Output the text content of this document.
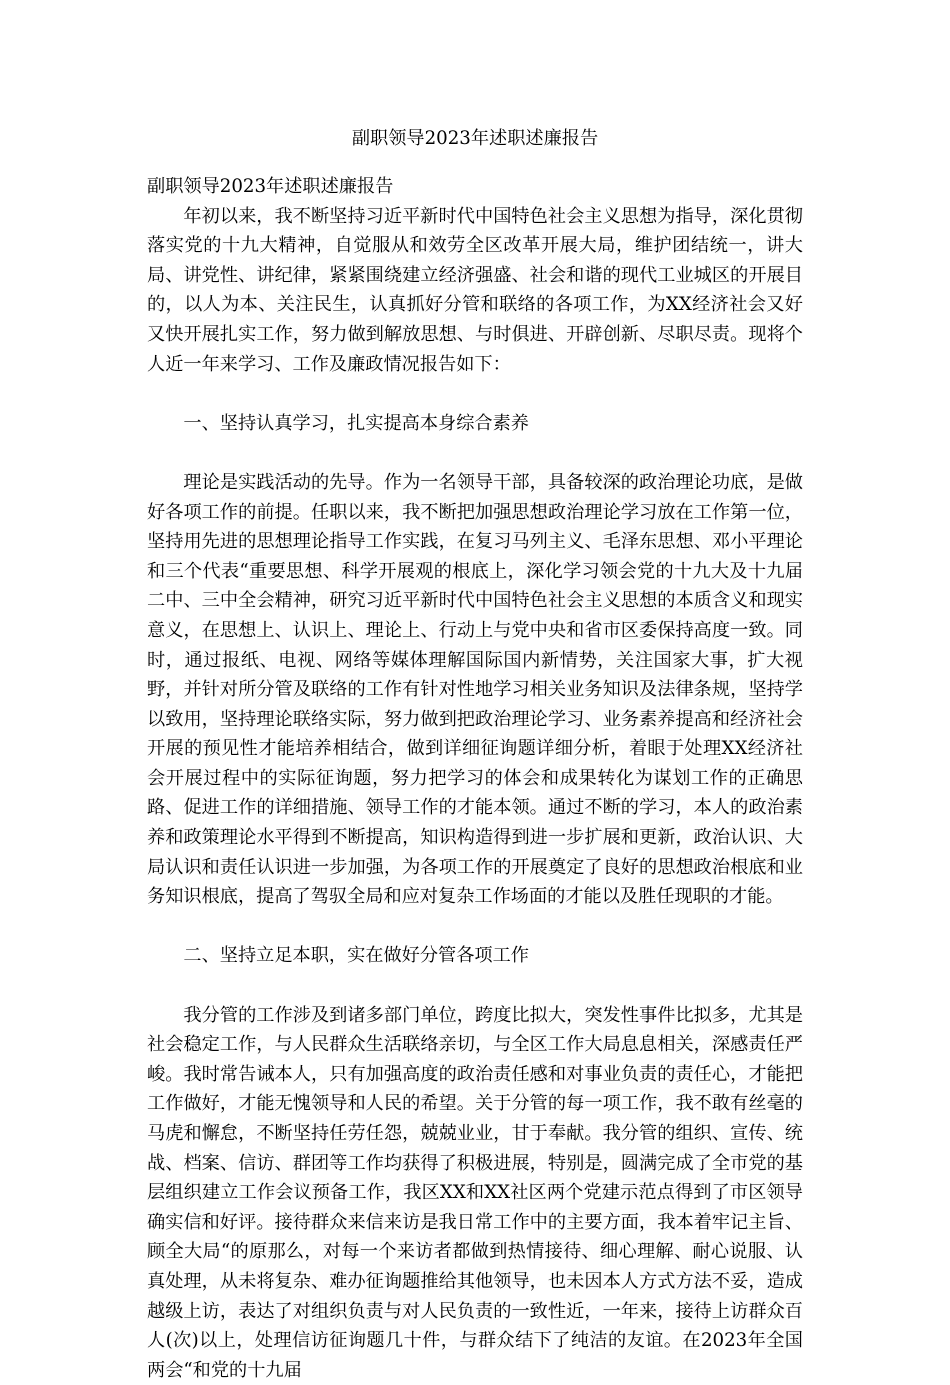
副职领导2023年述职述廉报告
副职领导2023年述职述廉报告

年初以来，我不断坚持习近平新时代中国特色社会主义思想为指导，深化贯彻落实党的十九大精神，自觉服从和效劳全区改革开展大局，维护团结统一，讲大局、讲党性、讲纪律，紧紧围绕建立经济强盛、社会和谐的现代工业城区的开展目的，以人为本、关注民生，认真抓好分管和联络的各项工作，为XX经济社会又好又快开展扎实工作，努力做到解放思想、与时俱进、开辟创新、尽职尽责。现将个人近一年来学习、工作及廉政情况报告如下：

一、坚持认真学习，扎实提高本身综合素养

理论是实践活动的先导。作为一名领导干部，具备较深的政治理论功底，是做好各项工作的前提。任职以来，我不断把加强思想政治理论学习放在工作第一位，坚持用先进的思想理论指导工作实践，在复习马列主义、毛泽东思想、邓小平理论和三个代表“重要思想、科学开展观的根底上，深化学习领会党的十九大及十九届二中、三中全会精神，研究习近平新时代中国特色社会主义思想的本质含义和现实意义，在思想上、认识上、理论上、行动上与党中央和省市区委保持高度一致。同时，通过报纸、电视、网络等媒体理解国际国内新情势，关注国家大事，扩大视野，并针对所分管及联络的工作有针对性地学习相关业务知识及法律条规，坚持学以致用，坚持理论联络实际，努力做到把政治理论学习、业务素养提高和经济社会开展的预见性才能培养相结合，做到详细征询题详细分析，着眼于处理XX经济社会开展过程中的实际征询题，努力把学习的体会和成果转化为谋划工作的正确思路、促进工作的详细措施、领导工作的才能本领。通过不断的学习，本人的政治素养和政策理论水平得到不断提高，知识构造得到进一步扩展和更新，政治认识、大局认识和责任认识进一步加强，为各项工作的开展奠定了良好的思想政治根底和业务知识根底，提高了驾驭全局和应对复杂工作场面的才能以及胜任现职的才能。

二、坚持立足本职，实在做好分管各项工作

我分管的工作涉及到诸多部门单位，跨度比拟大，突发性事件比拟多，尤其是社会稳定工作，与人民群众生活联络亲切，与全区工作大局息息相关，深感责任严峻。我时常告诫本人，只有加强高度的政治责任感和对事业负责的责任心，才能把工作做好，才能无愧领导和人民的希望。关于分管的每一项工作，我不敢有丝毫的马虎和懈怠，不断坚持任劳任怨，兢兢业业，甘于奉献。我分管的组织、宣传、统战、档案、信访、群团等工作均获得了积极进展，特别是，圆满完成了全市党的基层组织建立工作会议预备工作，我区XX和XX社区两个党建示范点得到了市区领导确实信和好评。接待群众来信来访是我日常工作中的主要方面，我本着牢记主旨、顾全大局“的原那么，对每一个来访者都做到热情接待、细心理解、耐心说服、认真处理，从未将复杂、难办征询题推给其他领导，也未因本人方式方法不妥，造成越级上访，表达了对组织负责与对人民负责的一致性近，一年来，接待上访群众百人(次)以上，处理信访征询题几十件，与群众结下了纯洁的友谊。在2023年全国两会“和党的十九届
